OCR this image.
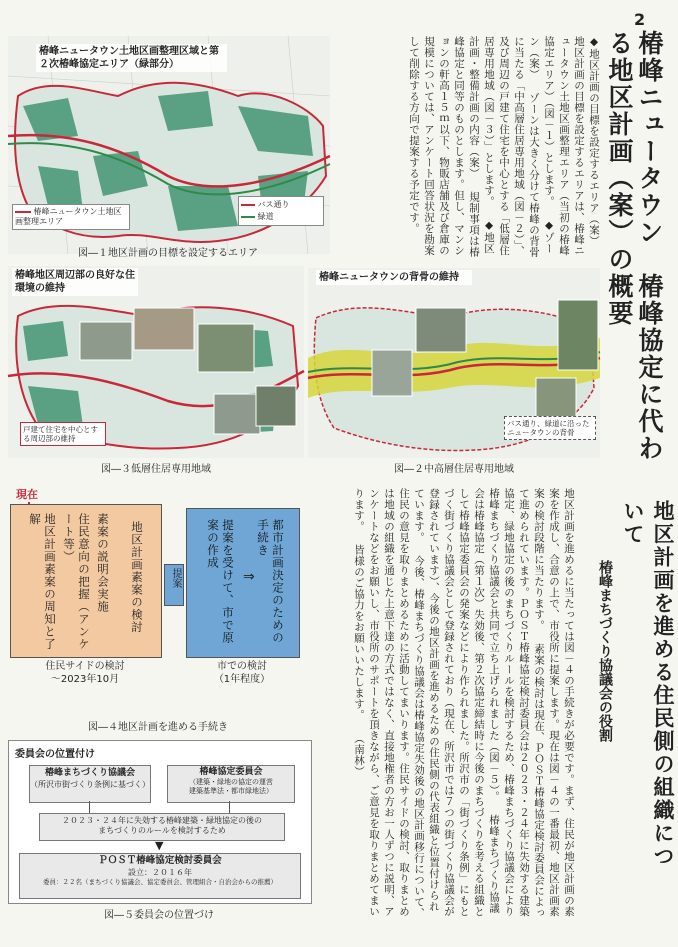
2
椿峰ニュータウン　椿峰協定に代わる地区計画（案）の概要
◆地区計画の目標を設定するエリア（案） 地区計画の目標を設定するエリアは、椿峰ニュータウン土地区画整理エリア（当初の椿峰協定エリア）（図－１）とします。 ◆ゾーン（案） ゾーンは大きく分けて椿峰の背骨に当たる「中高層住居専用地域（図－２）」、及び周辺の戸建て住宅を中心とする「低層住居専用地域（図－３）」とします。 ◆地区計画・整備計画の内容（案） 規制事項は椿峰協定と同等のものとします。但し、マンションの軒高１５ｍ以下、物販店舗及び倉庫の規模については、アンケート回答状況を勘案して削除する方向で提案する予定です。
椿峰ニュータウン土地区画整理区域と第２次椿峰協定エリア（緑部分）
椿峰ニュータウン土地区画整理エリア
バス通り
緑道
図―１地区計画の目標を設定するエリア
椿峰地区周辺部の良好な住環境の維持
戸建て住宅を中心とする周辺部の維持
図―３低層住居専用地域
椿峰ニュータウンの背骨の維持
バス通り、緑道に沿ったニュータウンの背骨
図―２中高層住居専用地域
現在
地区計画素案の検討
素案の説明会実施
住民意向の把握（アンケート等）
地区計画素案の周知と了解
住民サイドの検討
～2023年10月
提案	都市計画決定のための手続き
⇒
提案を受けて、市で原案の作成
市での検討
（1年程度）
図―４地区計画を進める手続き	地区計画を進めるに当たっては図－４の手続きが必要です。まず、住民が地区計画の素案を作成し、合意の上で、市役所に提案します。現在は図－４の一番最初、地区計画素案の検討段階に当たります。 素案の検討は現在、ＰＯＳＴ椿峰協定検討委員会によって進められています。ＰＯＳＴ椿峰協定検討委員会は２０２３・２４年に失効する建築協定、緑地協定の後のまちづくりルールを検討するため、椿峰まちづくり協議会により椿峰まちづくり協議会と共同で立ち上げられました（図－５）。 椿峰まちづくり協議会は椿峰協定（第１次）失効後、第２次協定締結時に今後のまちづくりを考える組織として椿峰協定委員会の発案などにより作られました。所沢市の「街づくり条例」にもとづく街づくり協議会として登録されており（現在、所沢市では７つの街づくり協議会が登録されています）、今後の地区計画を進めるための住民側の代表組織と位置付けられています。 今後、椿峰まちづくり協議会は椿峰協定失効後の地区計画移行について、住民の意見を取りまとめるために活動してまいります。住民サイドの検討、取りまとめは地域の組織を通じた上意下達の方式ではなく、直接地権者の方お一人ずつに説明、アンケートなどをお願いし、市役所のサポートを頂きながら、ご意見を取りまとめてまいります。 皆様のご協力をお願いいたします。 （南林）	地区計画を進める住民側の組織について
椿峰まちづくり協議会の役割
委員会の位置付け
椿峰まちづくり協議会
（所沢市街づくり条例に基づく）
椿峰協定委員会
（建築・緑地の協定の運営
建築基準法・都市緑地法）
２０２３・２４年に失効する椿峰建築・緑地協定の後の
まちづくりのルールを検討するため
▼
ＰＯＳＴ椿峰協定検討委員会
設立：２０１６年
委員：２２名（まちづくり協議会、協定委員会、管理組合・自治会からの推薦）
図―５委員会の位置づけ
